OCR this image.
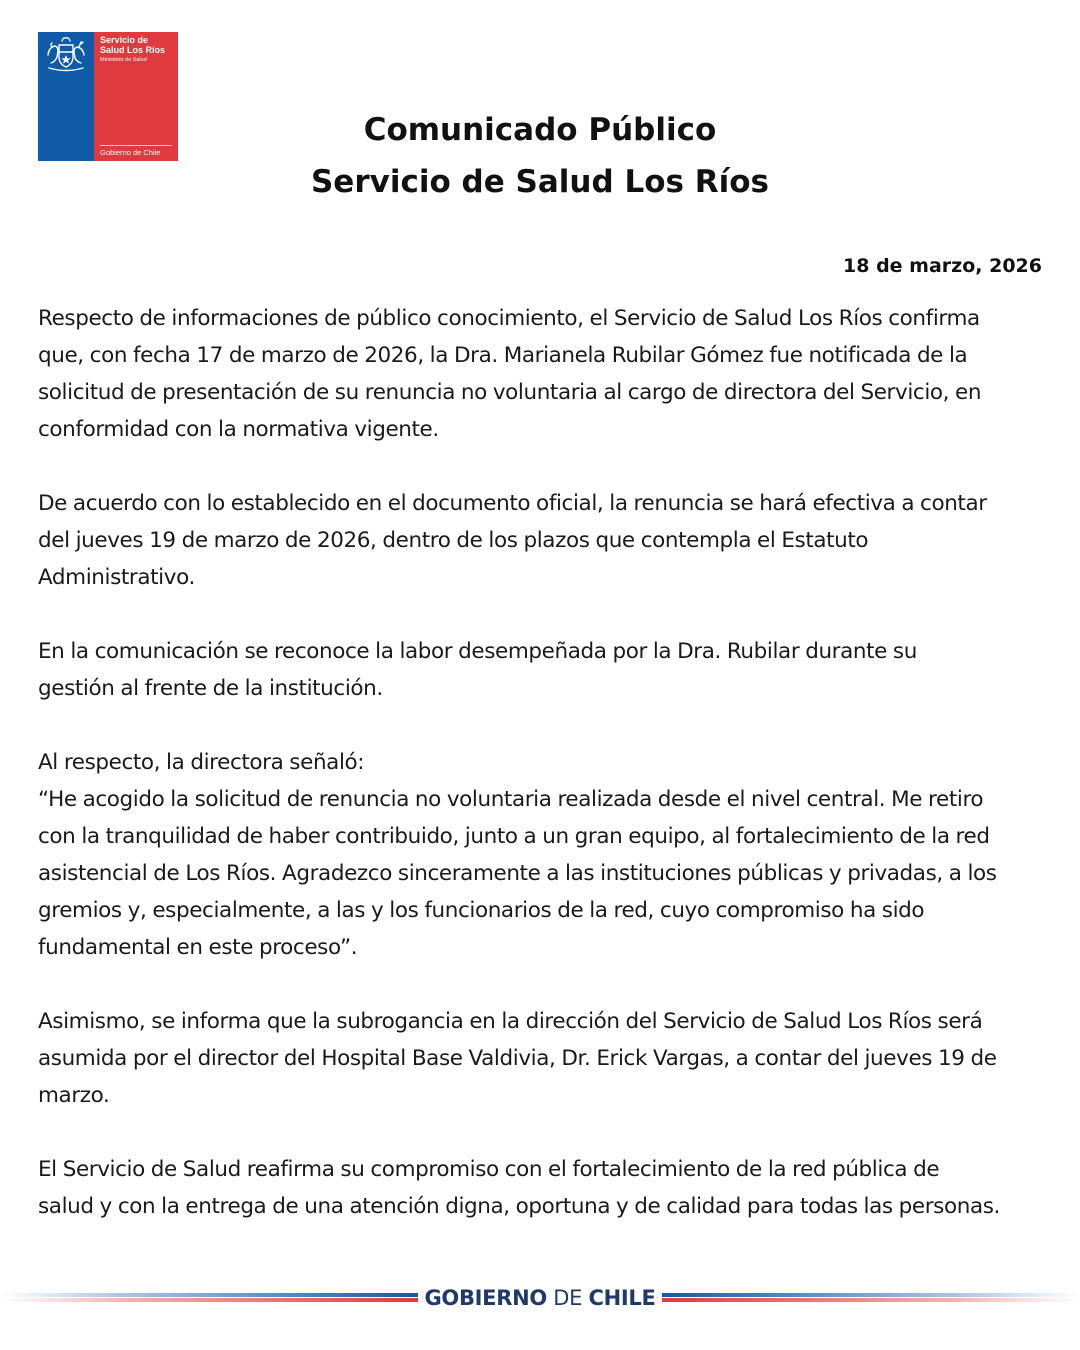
Servicio de
Salud Los Ríos
Ministerio de Salud
Gobierno de Chile
Comunicado Público
Servicio de Salud Los Ríos
18 de marzo, 2026

Respecto de informaciones de público conocimiento, el Servicio de Salud Los Ríos confirma
que, con fecha 17 de marzo de 2026, la Dra. Marianela Rubilar Gómez fue notificada de la
solicitud de presentación de su renuncia no voluntaria al cargo de directora del Servicio, en
conformidad con la normativa vigente.

De acuerdo con lo establecido en el documento oficial, la renuncia se hará efectiva a contar
del jueves 19 de marzo de 2026, dentro de los plazos que contempla el Estatuto
Administrativo.

En la comunicación se reconoce la labor desempeñada por la Dra. Rubilar durante su
gestión al frente de la institución.

Al respecto, la directora señaló:
“He acogido la solicitud de renuncia no voluntaria realizada desde el nivel central. Me retiro
con la tranquilidad de haber contribuido, junto a un gran equipo, al fortalecimiento de la red
asistencial de Los Ríos. Agradezco sinceramente a las instituciones públicas y privadas, a los
gremios y, especialmente, a las y los funcionarios de la red, cuyo compromiso ha sido
fundamental en este proceso”.

Asimismo, se informa que la subrogancia en la dirección del Servicio de Salud Los Ríos será
asumida por el director del Hospital Base Valdivia, Dr. Erick Vargas, a contar del jueves 19 de
marzo.

El Servicio de Salud reafirma su compromiso con el fortalecimiento de la red pública de
salud y con la entrega de una atención digna, oportuna y de calidad para todas las personas.

GOBIERNO DE CHILE
